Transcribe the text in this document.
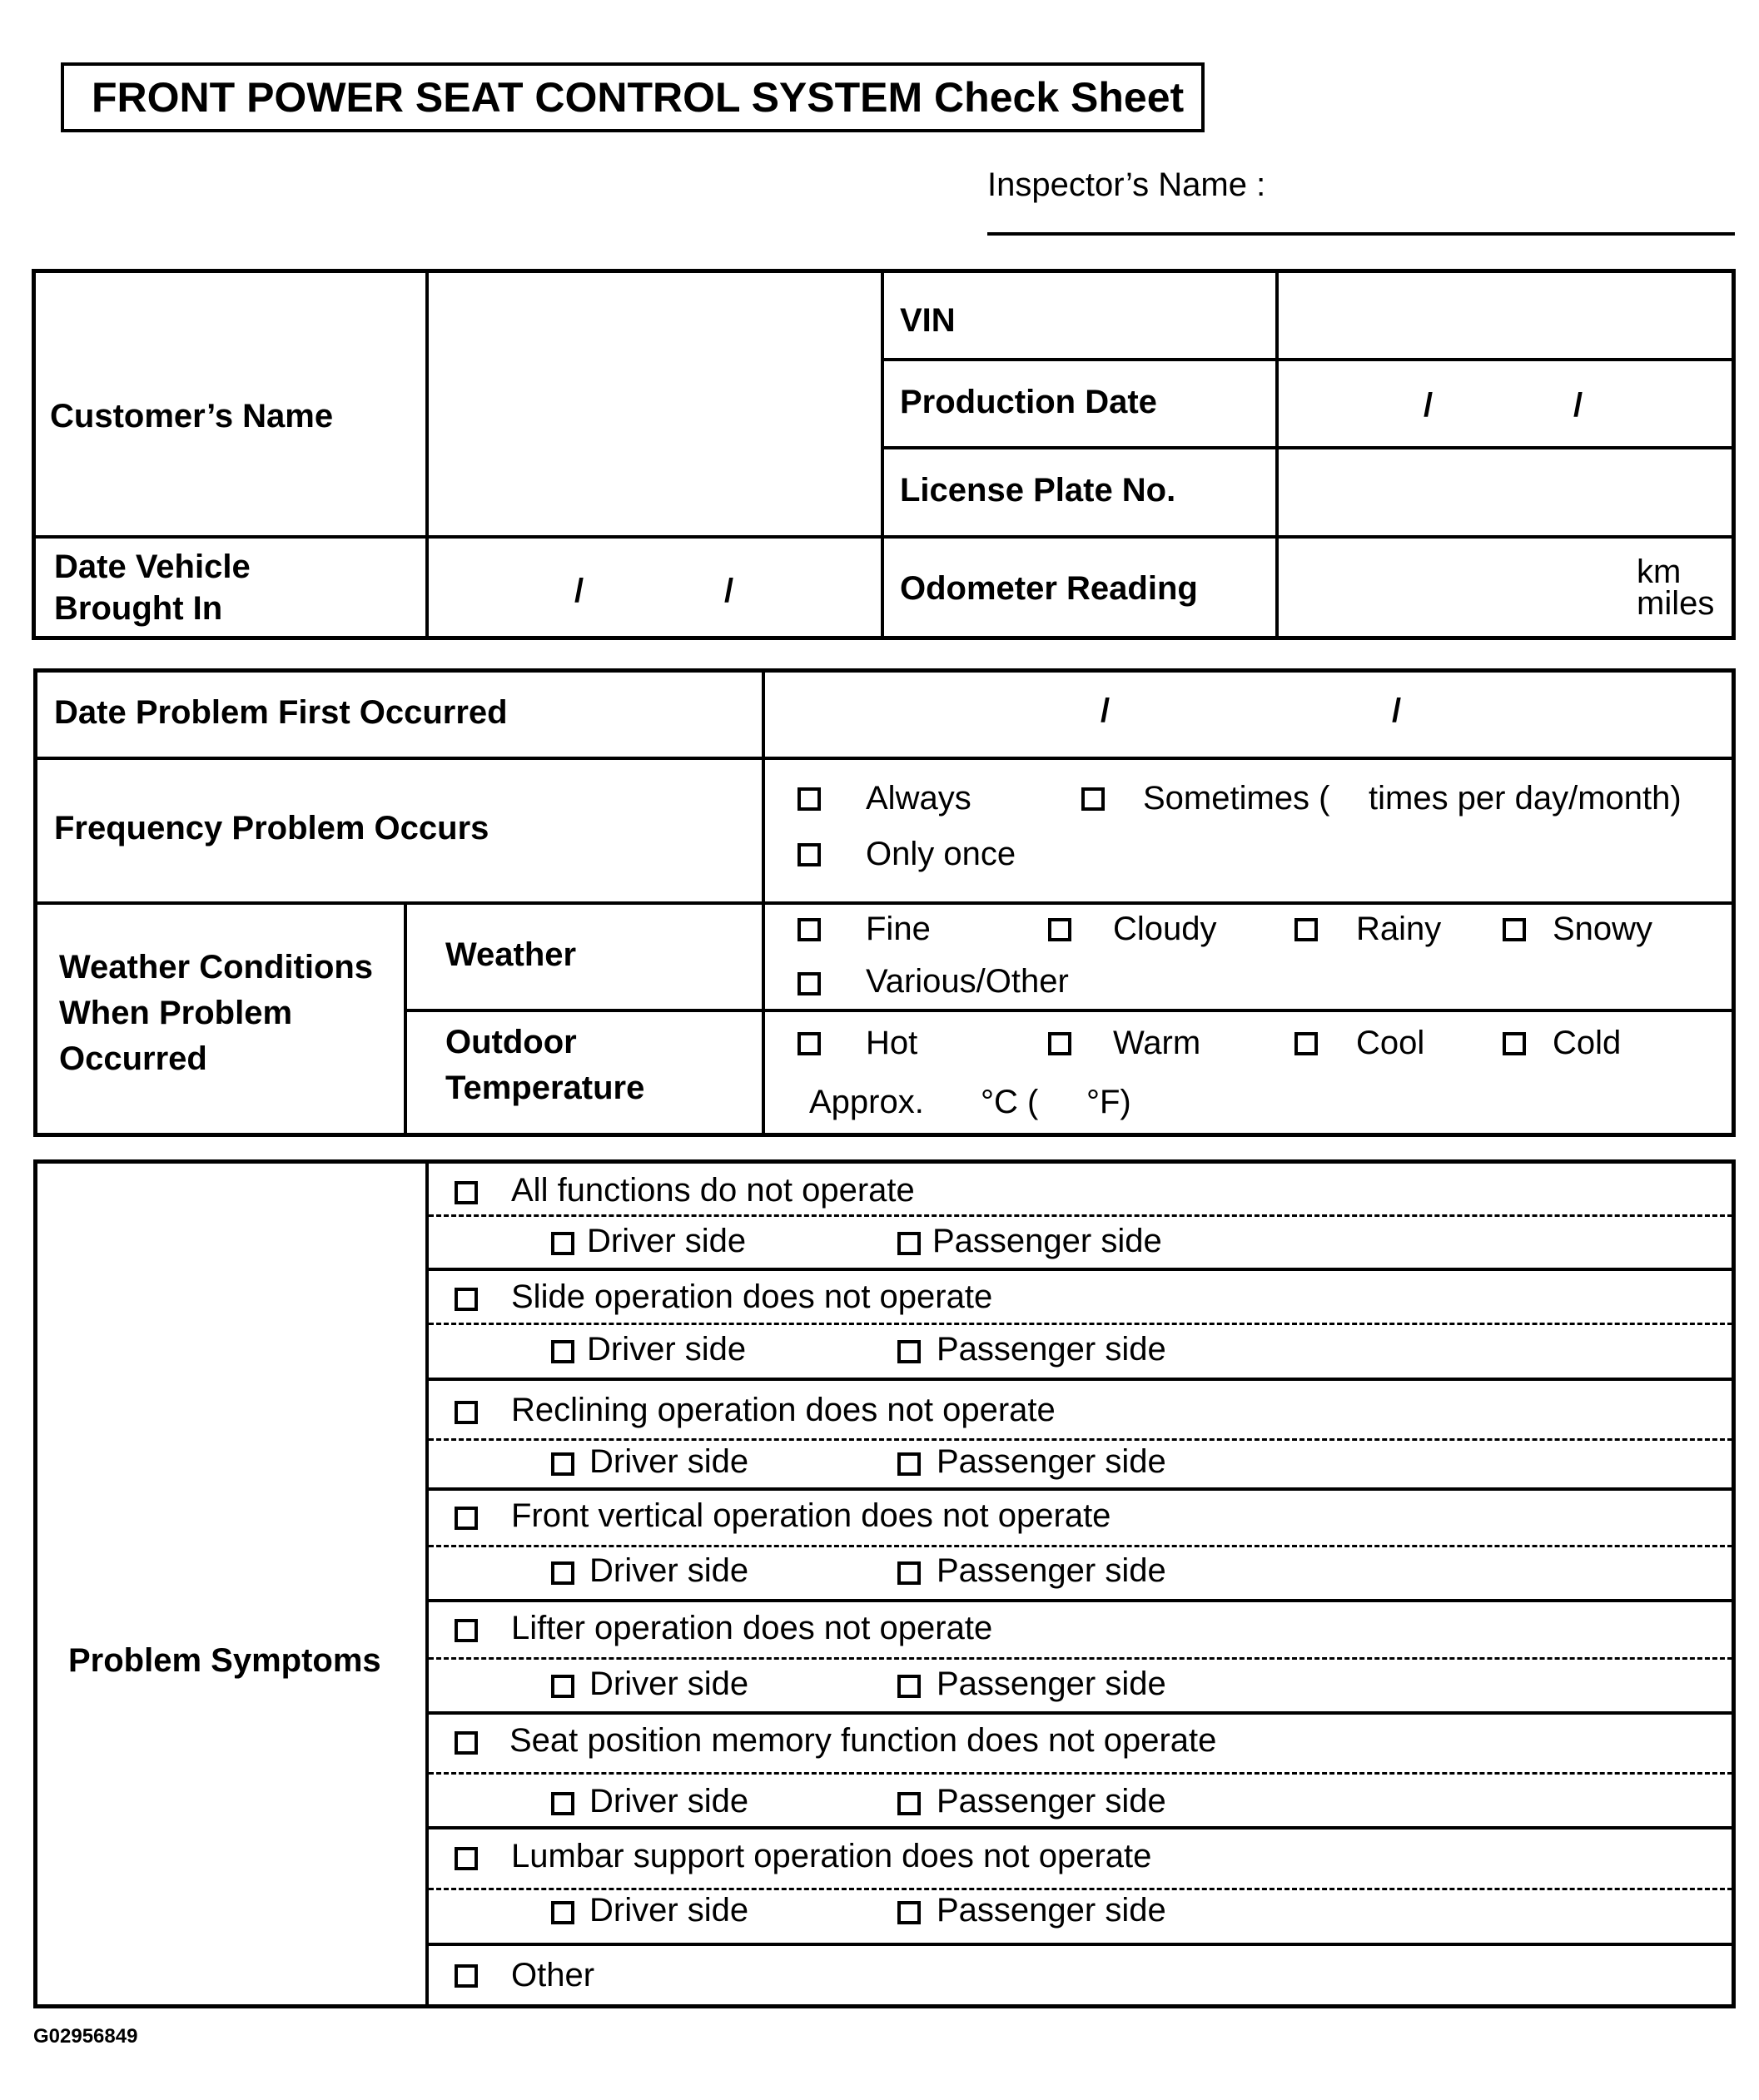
FRONT POWER SEAT CONTROL SYSTEM Check Sheet
Inspector’s Name :
Customer’s Name
VIN
Production Date	/	/
License Plate No.
Date Vehicle
Brought In	/	/	Odometer Reading	km
miles
Date Problem First Occurred	/	/
Frequency Problem Occurs
Always	Sometimes ( times per day/month)
Only once
Weather Conditions
When Problem
Occurred
Weather
Fine	Cloudy	Rainy	Snowy
Various/Other
Outdoor
Temperature
Hot	Warm	Cool	Cold
Approx. °C ( °F)
Problem Symptoms
All functions do not operate
Driver side	Passenger side
Slide operation does not operate
Driver side	Passenger side
Reclining operation does not operate
Driver side	Passenger side
Front vertical operation does not operate
Driver side	Passenger side
Lifter operation does not operate
Driver side	Passenger side
Seat position memory function does not operate
Driver side	Passenger side
Lumbar support operation does not operate
Driver side	Passenger side
Other
G02956849
